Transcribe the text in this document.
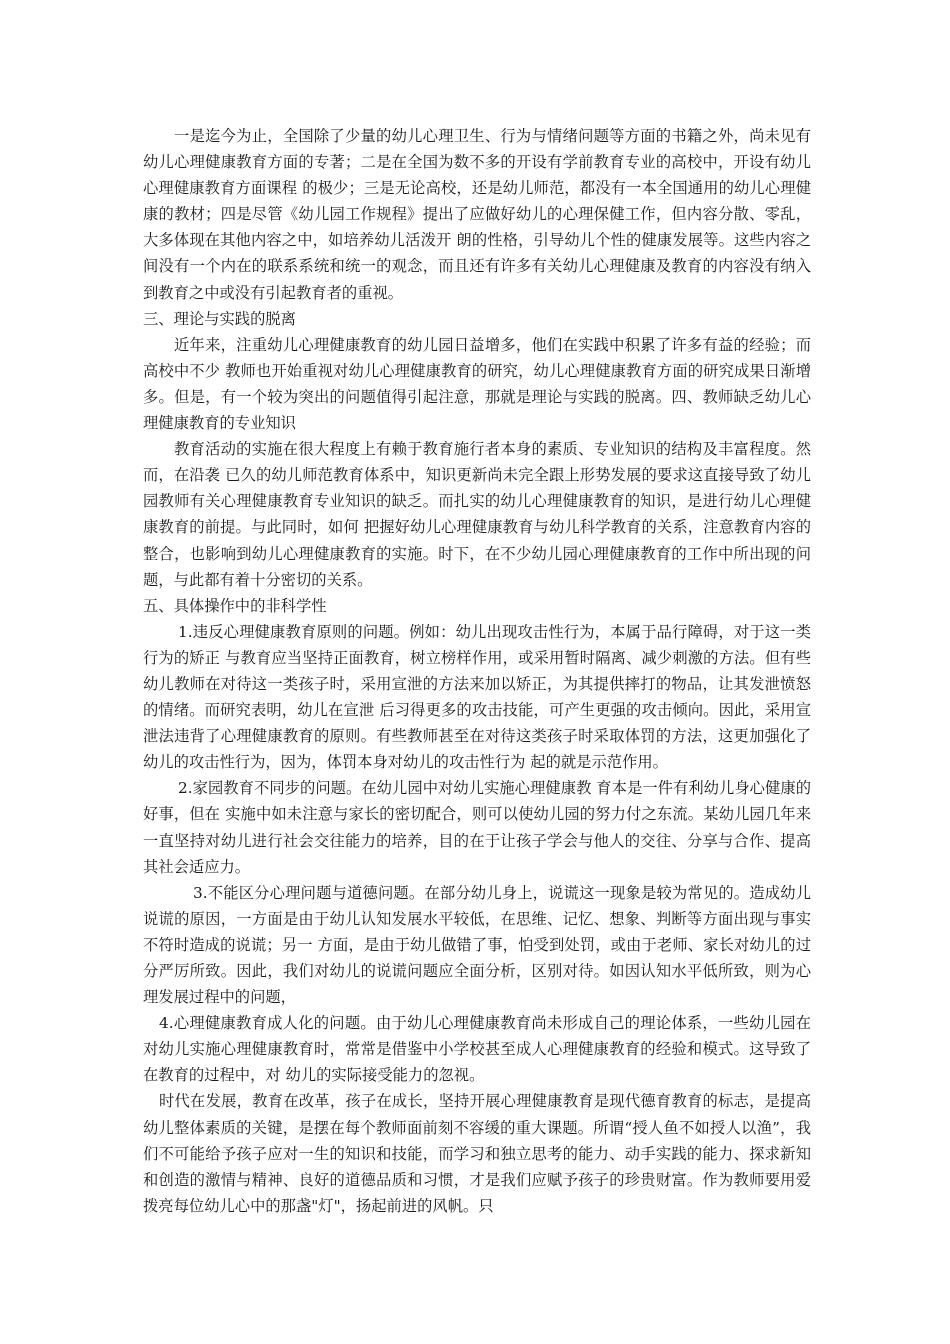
一是迄今为止，全国除了少量的幼儿心理卫生、行为与情绪问题等方面的书籍之外，尚未见有幼儿心理健康教育方面的专著；二是在全国为数不多的开设有学前教育专业的高校中，开设有幼儿心理健康教育方面课程 的极少；三是无论高校，还是幼儿师范，都没有一本全国通用的幼儿心理健康的教材；四是尽管《幼儿园工作规程》提出了应做好幼儿的心理保健工作，但内容分散、零乱，大多体现在其他内容之中，如培养幼儿活泼开 朗的性格，引导幼儿个性的健康发展等。这些内容之间没有一个内在的联系系统和统一的观念，而且还有许多有关幼儿心理健康及教育的内容没有纳入到教育之中或没有引起教育者的重视。

三、理论与实践的脱离

近年来，注重幼儿心理健康教育的幼儿园日益增多，他们在实践中积累了许多有益的经验；而高校中不少 教师也开始重视对幼儿心理健康教育的研究，幼儿心理健康教育方面的研究成果日渐增多。但是，有一个较为突出的问题值得引起注意，那就是理论与实践的脱离。四、教师缺乏幼儿心理健康教育的专业知识

教育活动的实施在很大程度上有赖于教育施行者本身的素质、专业知识的结构及丰富程度。然而，在沿袭 已久的幼儿师范教育体系中，知识更新尚未完全跟上形势发展的要求这直接导致了幼儿园教师有关心理健康教育专业知识的缺乏。而扎实的幼儿心理健康教育的知识，是进行幼儿心理健康教育的前提。与此同时，如何 把握好幼儿心理健康教育与幼儿科学教育的关系，注意教育内容的整合，也影响到幼儿心理健康教育的实施。时下，在不少幼儿园心理健康教育的工作中所出现的问题，与此都有着十分密切的关系。

五、具体操作中的非科学性

1.违反心理健康教育原则的问题。例如：幼儿出现攻击性行为，本属于品行障碍，对于这一类行为的矫正 与教育应当坚持正面教育，树立榜样作用，或采用暂时隔离、减少刺激的方法。但有些幼儿教师在对待这一类孩子时，采用宣泄的方法来加以矫正，为其提供摔打的物品，让其发泄愤怒的情绪。而研究表明，幼儿在宣泄 后习得更多的攻击技能，可产生更强的攻击倾向。因此，采用宣泄法违背了心理健康教育的原则。有些教师甚至在对待这类孩子时采取体罚的方法，这更加强化了幼儿的攻击性行为，因为，体罚本身对幼儿的攻击性行为 起的就是示范作用。

2.家园教育不同步的问题。在幼儿园中对幼儿实施心理健康教 育本是一件有利幼儿身心健康的好事，但在 实施中如未注意与家长的密切配合，则可以使幼儿园的努力付之东流。某幼儿园几年来一直坚持对幼儿进行社会交往能力的培养，目的在于让孩子学会与他人的交往、分享与合作、提高其社会适应力。

3.不能区分心理问题与道德问题。在部分幼儿身上，说谎这一现象是较为常见的。造成幼儿说谎的原因，一方面是由于幼儿认知发展水平较低，在思维、记忆、想象、判断等方面出现与事实不符时造成的说谎；另一 方面，是由于幼儿做错了事，怕受到处罚，或由于老师、家长对幼儿的过分严厉所致。因此，我们对幼儿的说谎问题应全面分析，区别对待。如因认知水平低所致，则为心理发展过程中的问题，

4.心理健康教育成人化的问题。由于幼儿心理健康教育尚未形成自己的理论体系，一些幼儿园在对幼儿实施心理健康教育时，常常是借鉴中小学校甚至成人心理健康教育的经验和模式。这导致了在教育的过程中，对 幼儿的实际接受能力的忽视。

时代在发展，教育在改革，孩子在成长，坚持开展心理健康教育是现代德育教育的标志，是提高幼儿整体素质的关键，是摆在每个教师面前刻不容缓的重大课题。所谓“授人鱼不如授人以渔”，我们不可能给予孩子应对一生的知识和技能，而学习和独立思考的能力、动手实践的能力、探求新知和创造的激情与精神、良好的道德品质和习惯，才是我们应赋予孩子的珍贵财富。作为教师要用爱拨亮每位幼儿心中的那盏"灯"，扬起前进的风帆。只
